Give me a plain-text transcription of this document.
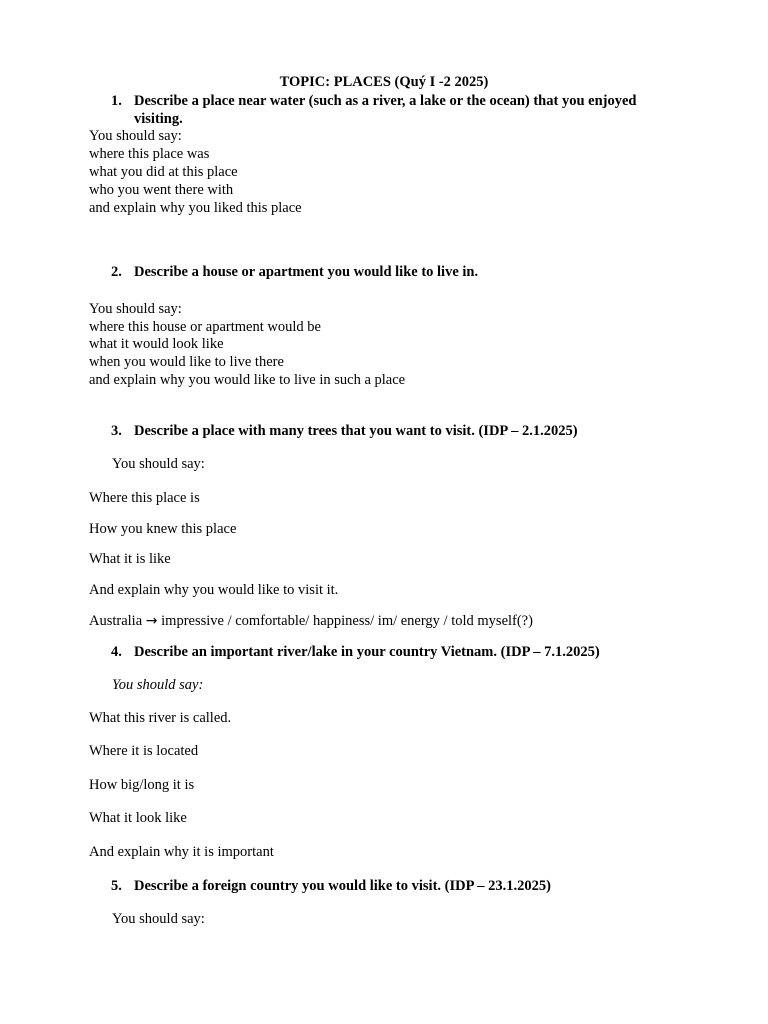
TOPIC: PLACES (Quý I -2 2025)
1. Describe a place near water (such as a river, a lake or the ocean) that you enjoyed visiting.
You should say:
where this place was
what you did at this place
who you went there with
and explain why you liked this place
2. Describe a house or apartment you would like to live in.
You should say:
where this house or apartment would be
what it would look like
when you would like to live there
and explain why you would like to live in such a place
3. Describe a place with many trees that you want to visit. (IDP – 2.1.2025)
You should say:
Where this place is
How you knew this place
What it is like
And explain why you would like to visit it.
Australia → impressive / comfortable/ happiness/ im/ energy / told myself(?)
4. Describe an important river/lake in your country Vietnam. (IDP – 7.1.2025)
You should say:
What this river is called.
Where it is located
How big/long it is
What it look like
And explain why it is important
5. Describe a foreign country you would like to visit. (IDP – 23.1.2025)
You should say:
